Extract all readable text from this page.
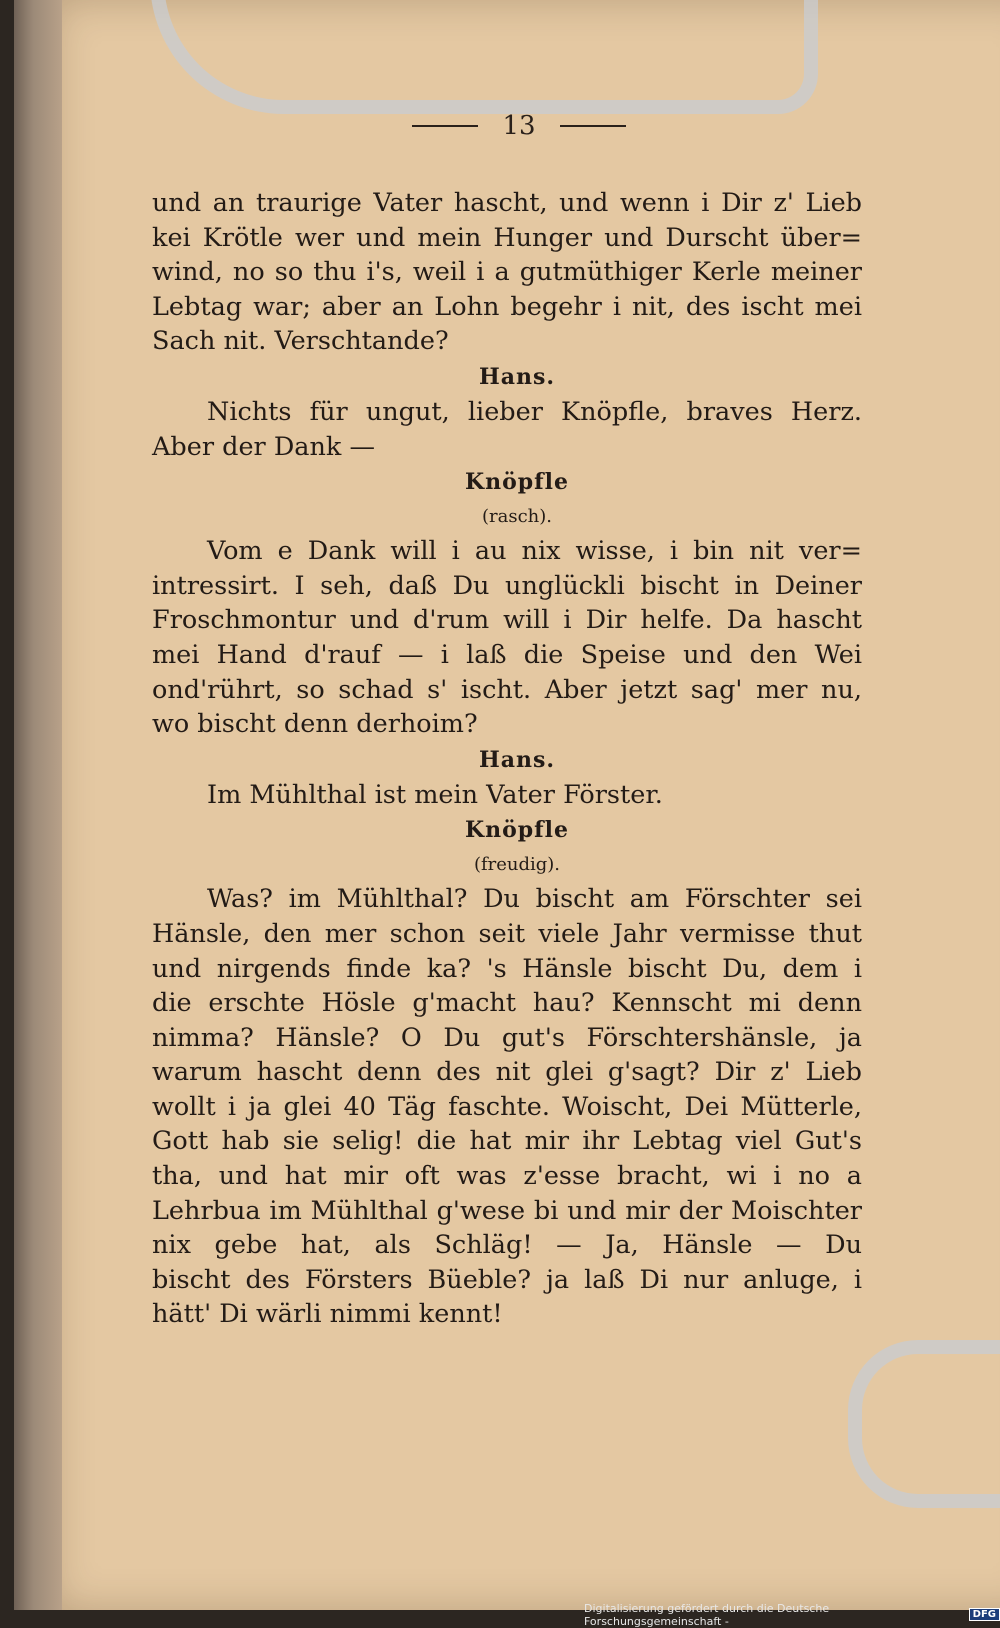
13
und an traurige Vater hascht, und wenn i Dir z' Lieb
kei Krötle wer und mein Hunger und Durscht über=
wind, no so thu i's, weil i a gutmüthiger Kerle meiner
Lebtag war; aber an Lohn begehr i nit, des ischt mei
Sach nit. Verschtande?
Hans.
Nichts für ungut, lieber Knöpfle, braves Herz.
Aber der Dank —
Knöpfle
(rasch).
Vom e Dank will i au nix wisse, i bin nit ver=
intressirt. I seh, daß Du unglückli bischt in Deiner
Froschmontur und d'rum will i Dir helfe. Da hascht
mei Hand d'rauf — i laß die Speise und den Wei
ond'rührt, so schad s' ischt. Aber jetzt sag' mer nu,
wo bischt denn derhoim?
Hans.
Im Mühlthal ist mein Vater Förster.
Knöpfle
(freudig).
Was? im Mühlthal? Du bischt am Förschter sei
Hänsle, den mer schon seit viele Jahr vermisse thut
und nirgends finde ka? 's Hänsle bischt Du, dem i
die erschte Hösle g'macht hau? Kennscht mi denn
nimma? Hänsle? O Du gut's Förschtershänsle, ja
warum hascht denn des nit glei g'sagt? Dir z' Lieb
wollt i ja glei 40 Täg faschte. Woischt, Dei Mütterle,
Gott hab sie selig! die hat mir ihr Lebtag viel Gut's
tha, und hat mir oft was z'esse bracht, wi i no a
Lehrbua im Mühlthal g'wese bi und mir der Moischter
nix gebe hat, als Schläg! — Ja, Hänsle — Du
bischt des Försters Büeble? ja laß Di nur anluge, i
hätt' Di wärli nimmi kennt!
Digitalisierung gefördert durch die Deutsche Forschungsgemeinschaft -	DFG
